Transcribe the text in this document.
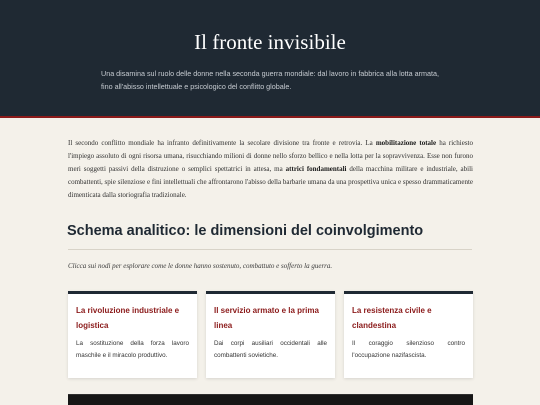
Il fronte invisibile

Una disamina sul ruolo delle donne nella seconda guerra mondiale: dal lavoro in fabbrica alla lotta armata, fino all'abisso intellettuale e psicologico del conflitto globale.

Il secondo conflitto mondiale ha infranto definitivamente la secolare divisione tra fronte e retrovia. La mobilitazione totale ha richiesto l'impiego assoluto di ogni risorsa umana, risucchiando milioni di donne nello sforzo bellico e nella lotta per la sopravvivenza. Esse non furono meri soggetti passivi della distruzione o semplici spettatrici in attesa, ma attrici fondamentali della macchina militare e industriale, abili combattenti, spie silenziose e fini intellettuali che affrontarono l'abisso della barbarie umana da una prospettiva unica e spesso drammaticamente dimenticata dalla storiografia tradizionale.

Schema analitico: le dimensioni del coinvolgimento

Clicca sui nodi per esplorare come le donne hanno sostenuto, combattuto e sofferto la guerra.

La rivoluzione industriale e logistica
La sostituzione della forza lavoro maschile e il miracolo produttivo.
Il servizio armato e la prima linea
Dai corpi ausiliari occidentali alle combattenti sovietiche.
La resistenza civile e clandestina
Il coraggio silenzioso contro l'occupazione nazifascista.
